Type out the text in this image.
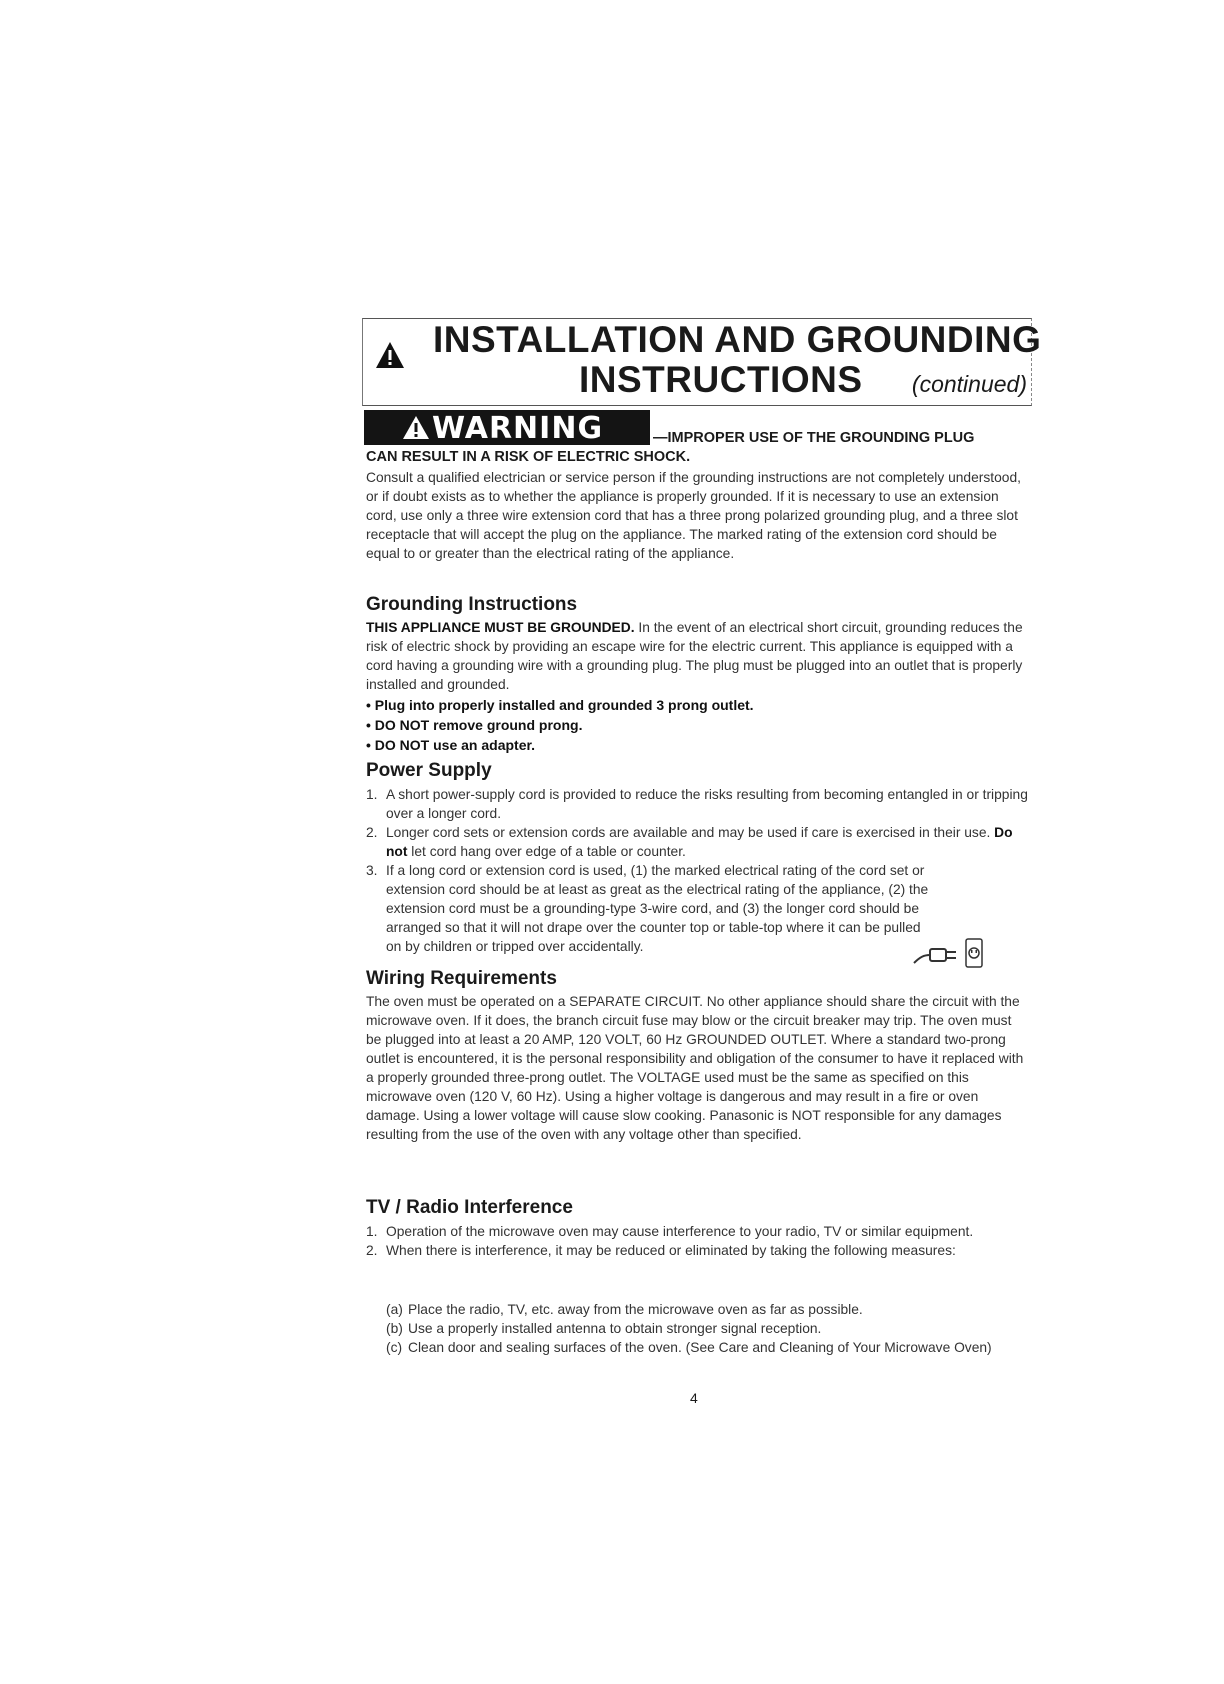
INSTALLATION AND GROUNDING
INSTRUCTIONS (continued)
WARNING	—IMPROPER USE OF THE GROUNDING PLUG
CAN RESULT IN A RISK OF ELECTRIC SHOCK.

Consult a qualified electrician or service person if the grounding instructions are not completely understood, or if doubt exists as to whether the appliance is properly grounded. If it is necessary to use an extension cord, use only a three wire extension cord that has a three prong polarized grounding plug, and a three slot receptacle that will accept the plug on the appliance. The marked rating of the extension cord should be equal to or greater than the electrical rating of the appliance.

Grounding Instructions

THIS APPLIANCE MUST BE GROUNDED. In the event of an electrical short circuit, grounding reduces the risk of electric shock by providing an escape wire for the electric current. This appliance is equipped with a cord having a grounding wire with a grounding plug. The plug must be plugged into an outlet that is properly installed and grounded.

• Plug into properly installed and grounded 3 prong outlet.
• DO NOT remove ground prong.
• DO NOT use an adapter.
Power Supply
1. A short power-supply cord is provided to reduce the risks resulting from becoming entangled in or tripping over a longer cord.
2. Longer cord sets or extension cords are available and may be used if care is exercised in their use. Do not let cord hang over edge of a table or counter.
3. If a long cord or extension cord is used, (1) the marked electrical rating of the cord set or extension cord should be at least as great as the electrical rating of the appliance, (2) the extension cord must be a grounding-type 3-wire cord, and (3) the longer cord should be arranged so that it will not drape over the counter top or table-top where it can be pulled on by children or tripped over accidentally.
Wiring Requirements

The oven must be operated on a SEPARATE CIRCUIT. No other appliance should share the circuit with the microwave oven. If it does, the branch circuit fuse may blow or the circuit breaker may trip. The oven must be plugged into at least a 20 AMP, 120 VOLT, 60 Hz GROUNDED OUTLET. Where a standard two-prong outlet is encountered, it is the personal responsibility and obligation of the consumer to have it replaced with a properly grounded three-prong outlet. The VOLTAGE used must be the same as specified on this microwave oven (120 V, 60 Hz). Using a higher voltage is dangerous and may result in a fire or oven damage. Using a lower voltage will cause slow cooking. Panasonic is NOT responsible for any damages resulting from the use of the oven with any voltage other than specified.

TV / Radio Interference
1. Operation of the microwave oven may cause interference to your radio, TV or similar equipment.
2. When there is interference, it may be reduced or eliminated by taking the following measures:
(a) Place the radio, TV, etc. away from the microwave oven as far as possible.
(b) Use a properly installed antenna to obtain stronger signal reception.
(c) Clean door and sealing surfaces of the oven. (See Care and Cleaning of Your Microwave Oven)
4
